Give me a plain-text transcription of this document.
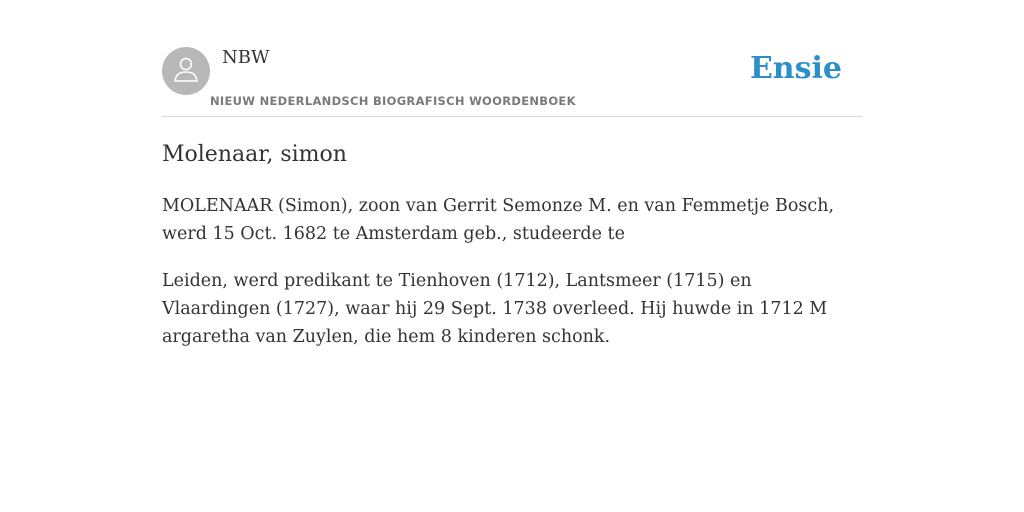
NBW
NIEUW NEDERLANDSCH BIOGRAFISCH WOORDENBOEK
Ensie
Molenaar, simon

MOLENAAR (Simon), zoon van Gerrit Semonze M. en van Femmetje Bosch, werd 15 Oct. 1682 te Amsterdam geb., studeerde te

Leiden, werd predikant te Tienhoven (1712), Lantsmeer (1715) en Vlaardingen (1727), waar hij 29 Sept. 1738 overleed. Hij huwde in 1712 M argaretha van Zuylen, die hem 8 kinderen schonk.
